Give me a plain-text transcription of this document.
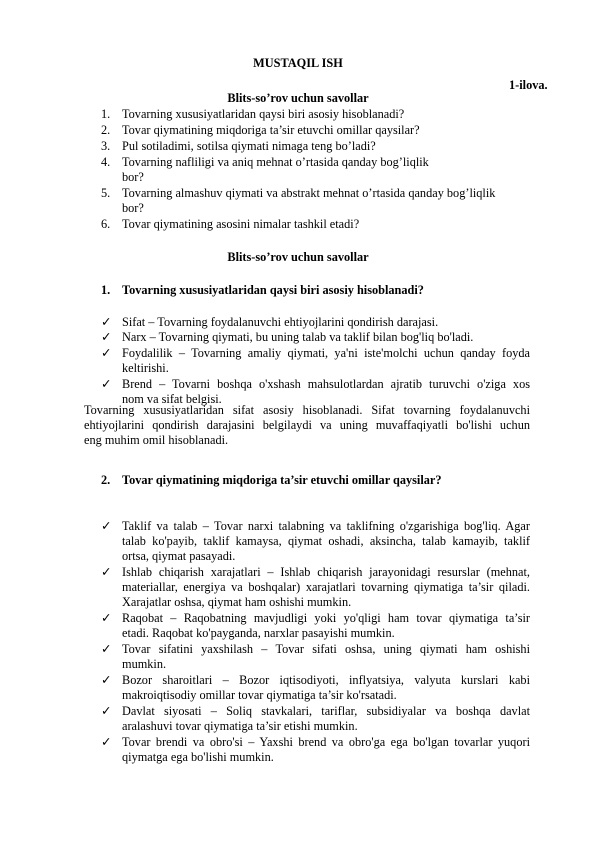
MUSTAQIL ISH
1-ilova.
Blits-so’rov uchun savollar
1. Tovarning xususiyatlaridan qaysi biri asosiy hisoblanadi?
2. Tovar qiymatining miqdoriga ta’sir etuvchi omillar qaysilar?
3. Pul sotiladimi, sotilsa qiymati nimaga teng bo’ladi?
4. Tovarning nafliligi va aniq mehnat o’rtasida qanday bog’liqlik
bor?
5. Tovarning almashuv qiymati va abstrakt mehnat o’rtasida qanday bog’liqlik
bor?
6. Tovar qiymatining asosini nimalar tashkil etadi?
Blits-so’rov uchun savollar
1. Tovarning xususiyatlaridan qaysi biri asosiy hisoblanadi?
✓ Sifat – Tovarning foydalanuvchi ehtiyojlarini qondirish darajasi.
✓ Narx – Tovarning qiymati, bu uning talab va taklif bilan bog'liq bo'ladi.
✓ Foydalilik – Tovarning amaliy qiymati, ya'ni iste'molchi uchun qanday foyda
keltirishi.
✓ Brend – Tovarni boshqa o'xshash mahsulotlardan ajratib turuvchi o'ziga xos
nom va sifat belgisi.
Tovarning xususiyatlaridan sifat asosiy hisoblanadi. Sifat tovarning foydalanuvchi
ehtiyojlarini qondirish darajasini belgilaydi va uning muvaffaqiyatli bo'lishi uchun
eng muhim omil hisoblanadi.
2. Tovar qiymatining miqdoriga ta’sir etuvchi omillar qaysilar?
✓ Taklif va talab – Tovar narxi talabning va taklifning o'zgarishiga bog'liq. Agar
talab ko'payib, taklif kamaysa, qiymat oshadi, aksincha, talab kamayib, taklif
ortsa, qiymat pasayadi.
✓ Ishlab chiqarish xarajatlari – Ishlab chiqarish jarayonidagi resurslar (mehnat,
materiallar, energiya va boshqalar) xarajatlari tovarning qiymatiga ta’sir qiladi.
Xarajatlar oshsa, qiymat ham oshishi mumkin.
✓ Raqobat – Raqobatning mavjudligi yoki yo'qligi ham tovar qiymatiga ta’sir
etadi. Raqobat ko'payganda, narxlar pasayishi mumkin.
✓ Tovar sifatini yaxshilash – Tovar sifati oshsa, uning qiymati ham oshishi
mumkin.
✓ Bozor sharoitlari – Bozor iqtisodiyoti, inflyatsiya, valyuta kurslari kabi
makroiqtisodiy omillar tovar qiymatiga ta’sir ko'rsatadi.
✓ Davlat siyosati – Soliq stavkalari, tariflar, subsidiyalar va boshqa davlat
aralashuvi tovar qiymatiga ta’sir etishi mumkin.
✓ Tovar brendi va obro'si – Yaxshi brend va obro'ga ega bo'lgan tovarlar yuqori
qiymatga ega bo'lishi mumkin.
